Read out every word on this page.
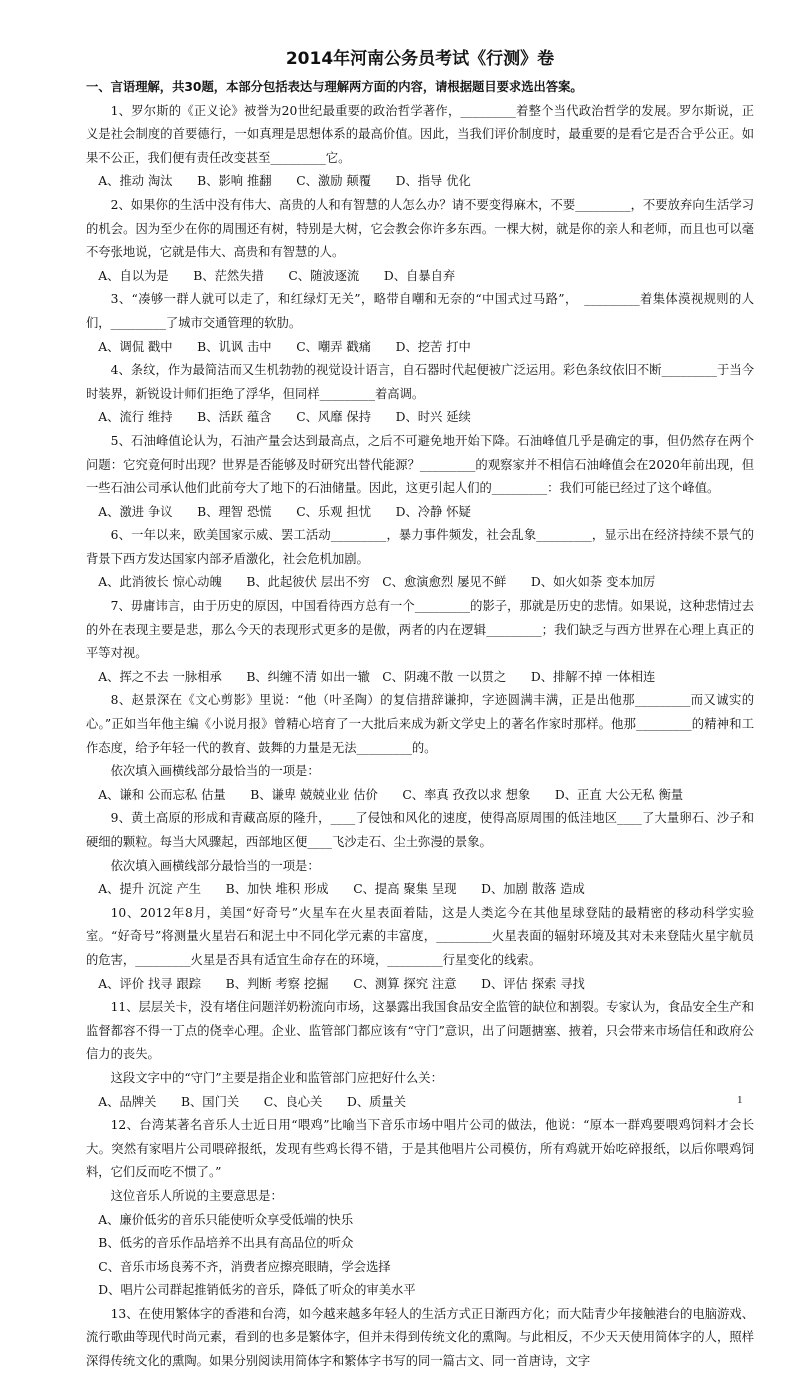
2014年河南公务员考试《行测》卷

一、言语理解，共30题，本部分包括表达与理解两方面的内容，请根据题目要求选出答案。

1、罗尔斯的《正义论》被誉为20世纪最重要的政治哲学著作，_________着整个当代政治哲学的发展。罗尔斯说，正义是社会制度的首要德行，一如真理是思想体系的最高价值。因此，当我们评价制度时，最重要的是看它是否合乎公正。如果不公正，我们便有责任改变甚至_________它。

A、推动 淘汰　　B、影响 推翻　　C、激励 颠覆　　D、指导 优化

2、如果你的生活中没有伟大、高贵的人和有智慧的人怎么办？请不要变得麻木，不要_________，不要放弃向生活学习的机会。因为至少在你的周围还有树，特别是大树，它会教会你许多东西。一棵大树，就是你的亲人和老师，而且也可以毫不夸张地说，它就是伟大、高贵和有智慧的人。

A、自以为是　　B、茫然失措　　C、随波逐流　　D、自暴自弃

3、“凑够一群人就可以走了，和红绿灯无关”，略带自嘲和无奈的“中国式过马路”，　_________着集体漠视规则的人们，_________了城市交通管理的软肋。

A、调侃 戳中　　B、讥讽 击中　　C、嘲弄 戳痛　　D、挖苦 打中

4、条纹，作为最简洁而又生机勃勃的视觉设计语言，自石器时代起便被广泛运用。彩色条纹依旧不断_________于当今时装界，新锐设计师们拒绝了浮华，但同样_________着高调。

A、流行 维持　　B、活跃 蕴含　　C、风靡 保持　　D、时兴 延续

5、石油峰值论认为，石油产量会达到最高点，之后不可避免地开始下降。石油峰值几乎是确定的事，但仍然存在两个问题：它究竟何时出现？世界是否能够及时研究出替代能源？_________的观察家并不相信石油峰值会在2020年前出现，但一些石油公司承认他们此前夸大了地下的石油储量。因此，这更引起人们的_________：我们可能已经过了这个峰值。

A、激进 争议　　B、理智 恐慌　　C、乐观 担忧　　D、冷静 怀疑

6、一年以来，欧美国家示威、罢工活动_________，暴力事件频发，社会乱象_________，显示出在经济持续不景气的背景下西方发达国家内部矛盾激化，社会危机加剧。

A、此消彼长 惊心动魄　　B、此起彼伏 层出不穷　C、愈演愈烈 屡见不鲜　　D、如火如荼 变本加厉

7、毋庸讳言，由于历史的原因，中国看待西方总有一个_________的影子，那就是历史的悲情。如果说，这种悲情过去的外在表现主要是悲，那么今天的表现形式更多的是傲，两者的内在逻辑_________；我们缺乏与西方世界在心理上真正的平等对视。

A、挥之不去 一脉相承　　B、纠缠不清 如出一辙　C、阴魂不散 一以贯之　　D、排解不掉 一体相连

8、赵景深在《文心剪影》里说：“他（叶圣陶）的复信措辞谦抑，字迹圆满丰满，正是出他那_________而又诚实的心。”正如当年他主编《小说月报》曾精心培育了一大批后来成为新文学史上的著名作家时那样。他那_________的精神和工作态度，给予年轻一代的教育、鼓舞的力量是无法_________的。

依次填入画横线部分最恰当的一项是：

A、谦和 公而忘私 估量　　B、谦卑 兢兢业业 估价　　C、率真 孜孜以求 想象　　D、正直 大公无私 衡量

9、黄土高原的形成和青藏高原的隆升，____了侵蚀和风化的速度，使得高原周围的低洼地区____了大量卵石、沙子和硬细的颗粒。每当大风骤起，西部地区便____飞沙走石、尘土弥漫的景象。

依次填入画横线部分最恰当的一项是：

A、提升 沉淀 产生　　B、加快 堆积 形成　　C、提高 聚集 呈现　　D、加剧 散落 造成

10、2012年8月，美国“好奇号”火星车在火星表面着陆，这是人类迄今在其他星球登陆的最精密的移动科学实验室。“好奇号”将测量火星岩石和泥土中不同化学元素的丰富度，_________火星表面的辐射环境及其对未来登陆火星宇航员的危害，_________火星是否具有适宜生命存在的环境，_________行星变化的线索。

A、评价 找寻 跟踪　　B、判断 考察 挖掘　　C、测算 探究 注意　　D、评估 探索 寻找

11、层层关卡，没有堵住问题洋奶粉流向市场，这暴露出我国食品安全监管的缺位和割裂。专家认为，食品安全生产和监督都容不得一丁点的侥幸心理。企业、监管部门都应该有“守门”意识，出了问题搪塞、掖着，只会带来市场信任和政府公信力的丧失。

这段文字中的“守门”主要是指企业和监管部门应把好什么关：

A、品牌关　　B、国门关　　C、良心关　　D、质量关

12、台湾某著名音乐人士近日用“喂鸡”比喻当下音乐市场中唱片公司的做法，他说：“原本一群鸡要喂鸡饲料才会长大。突然有家唱片公司喂碎报纸，发现有些鸡长得不错，于是其他唱片公司模仿，所有鸡就开始吃碎报纸，以后你喂鸡饲料，它们反而吃不惯了。”

这位音乐人所说的主要意思是：

A、廉价低劣的音乐只能使听众享受低端的快乐

B、低劣的音乐作品培养不出具有高品位的听众

C、音乐市场良莠不齐，消费者应擦亮眼睛，学会选择

D、唱片公司群起推销低劣的音乐，降低了听众的审美水平

13、在使用繁体字的香港和台湾，如今越来越多年轻人的生活方式正日渐西方化；而大陆青少年接触港台的电脑游戏、流行歌曲等现代时尚元素，看到的也多是繁体字，但并未得到传统文化的熏陶。与此相反，不少天天使用简体字的人，照样深得传统文化的熏陶。如果分别阅读用简体字和繁体字书写的同一篇古文、同一首唐诗，文字

1
